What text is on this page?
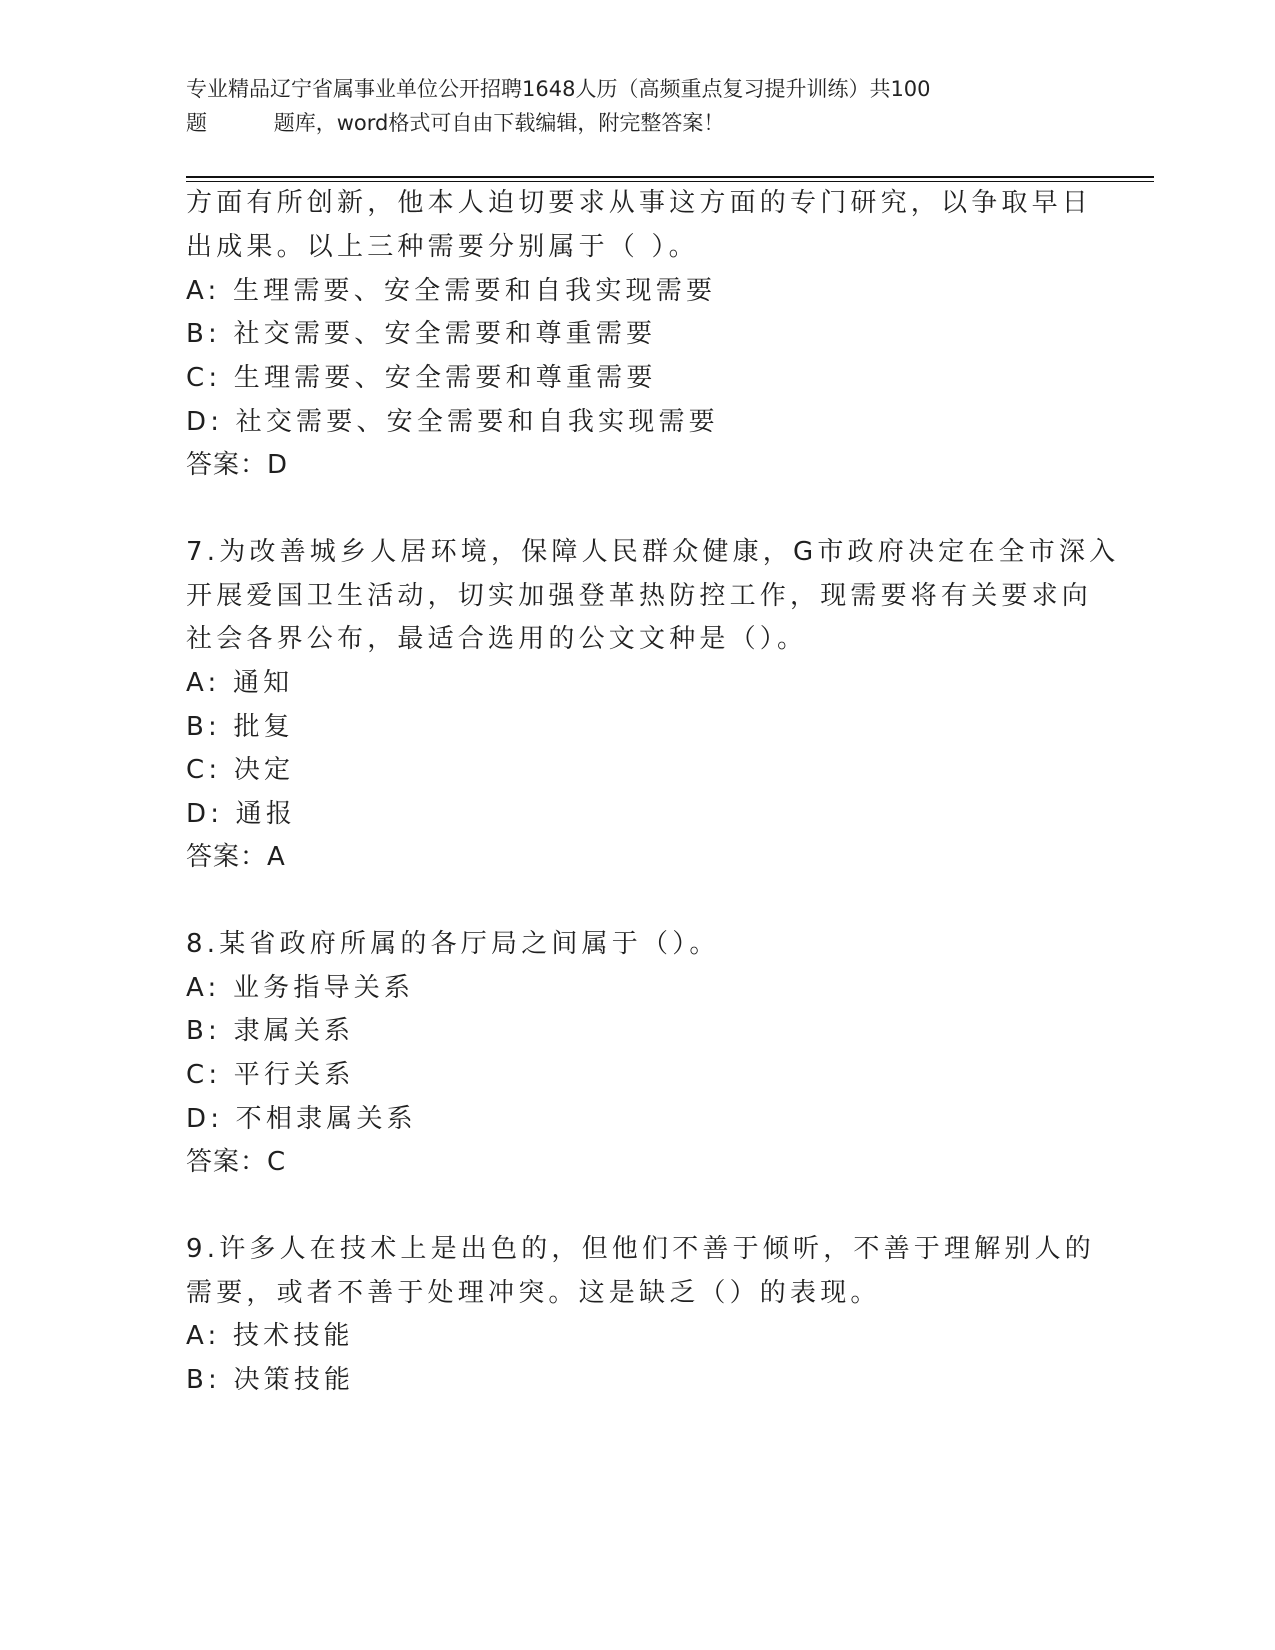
专业精品辽宁省属事业单位公开招聘1648人历（高频重点复习提升训练）共100
题          题库，word格式可自由下载编辑，附完整答案！
方面有所创新，他本人迫切要求从事这方面的专门研究，以争取早日
出成果。以上三种需要分别属于（ ）。
A: 生理需要、安全需要和自我实现需要
B: 社交需要、安全需要和尊重需要
C: 生理需要、安全需要和尊重需要
D: 社交需要、安全需要和自我实现需要
答案：D
7.为改善城乡人居环境，保障人民群众健康，G市政府决定在全市深入
开展爱国卫生活动，切实加强登革热防控工作，现需要将有关要求向
社会各界公布，最适合选用的公文文种是（）。
A: 通知
B: 批复
C: 决定
D: 通报
答案：A
8.某省政府所属的各厅局之间属于（）。
A: 业务指导关系
B: 隶属关系
C: 平行关系
D: 不相隶属关系
答案：C
9.许多人在技术上是出色的，但他们不善于倾听，不善于理解别人的
需要，或者不善于处理冲突。这是缺乏（）的表现。
A: 技术技能
B: 决策技能
